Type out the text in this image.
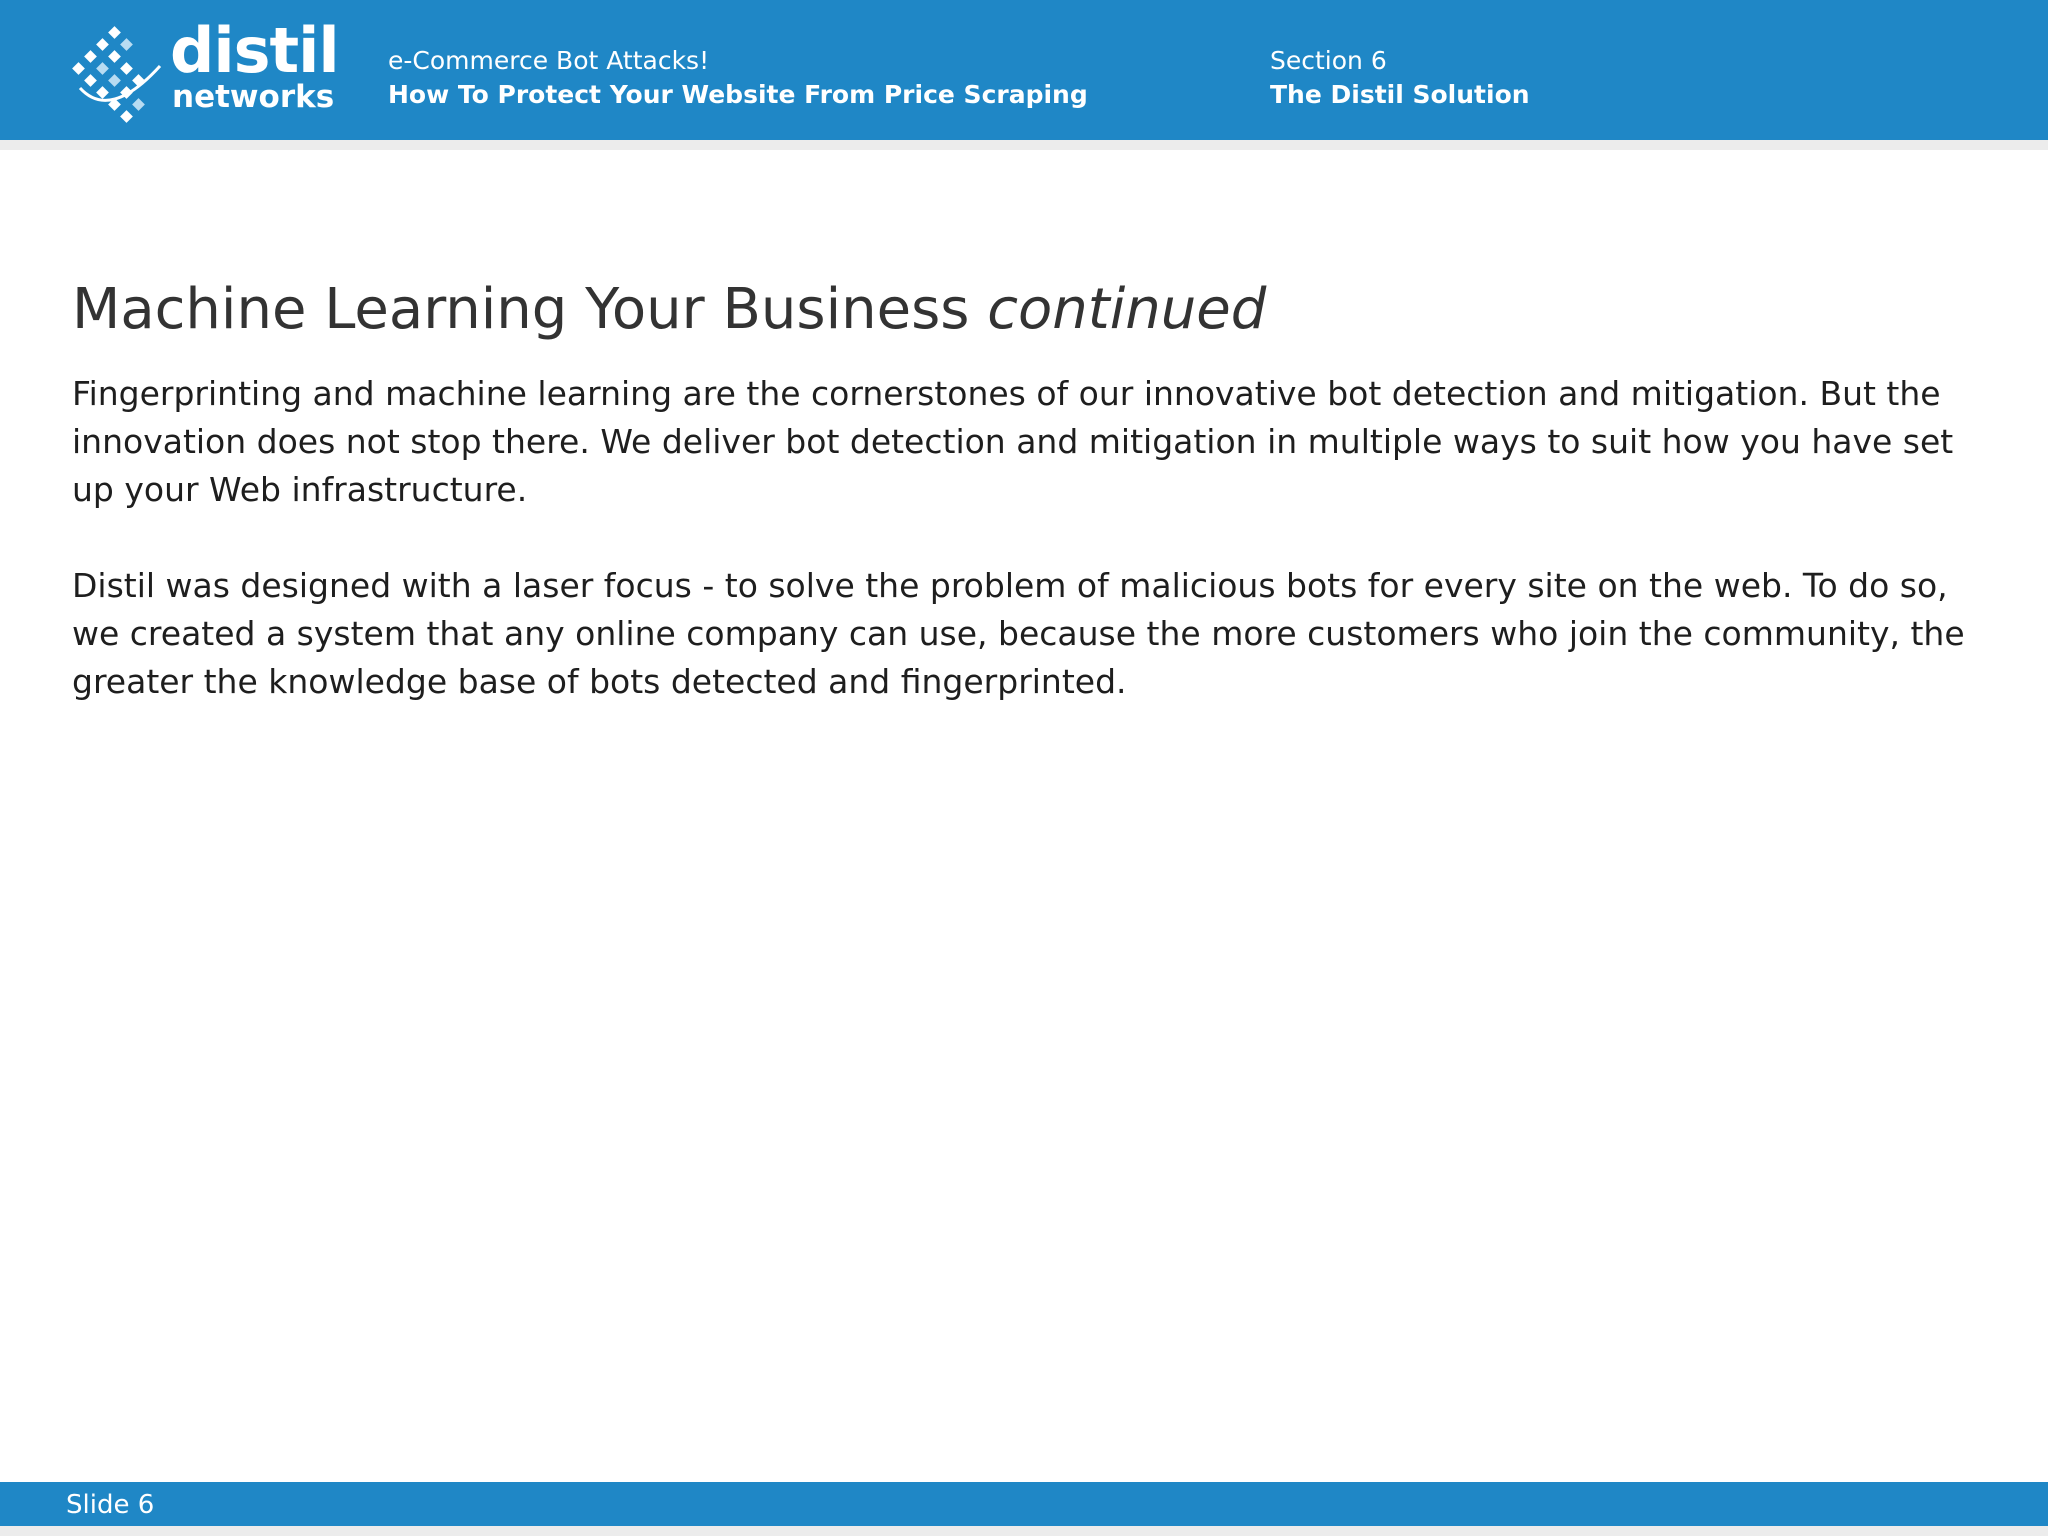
distil
networks
e-Commerce Bot Attacks!
How To Protect Your Website From Price Scraping
Section 6
The Distil Solution
Machine Learning Your Business continued

Fingerprinting and machine learning are the cornerstones of our innovative bot detection and mitigation. But the innovation does not stop there. We deliver bot detection and mitigation in multiple ways to suit how you have set up your Web infrastructure.

Distil was designed with a laser focus - to solve the problem of malicious bots for every site on the web. To do so, we created a system that any online company can use, because the more customers who join the community, the greater the knowledge base of bots detected and fingerprinted.

Slide 6
